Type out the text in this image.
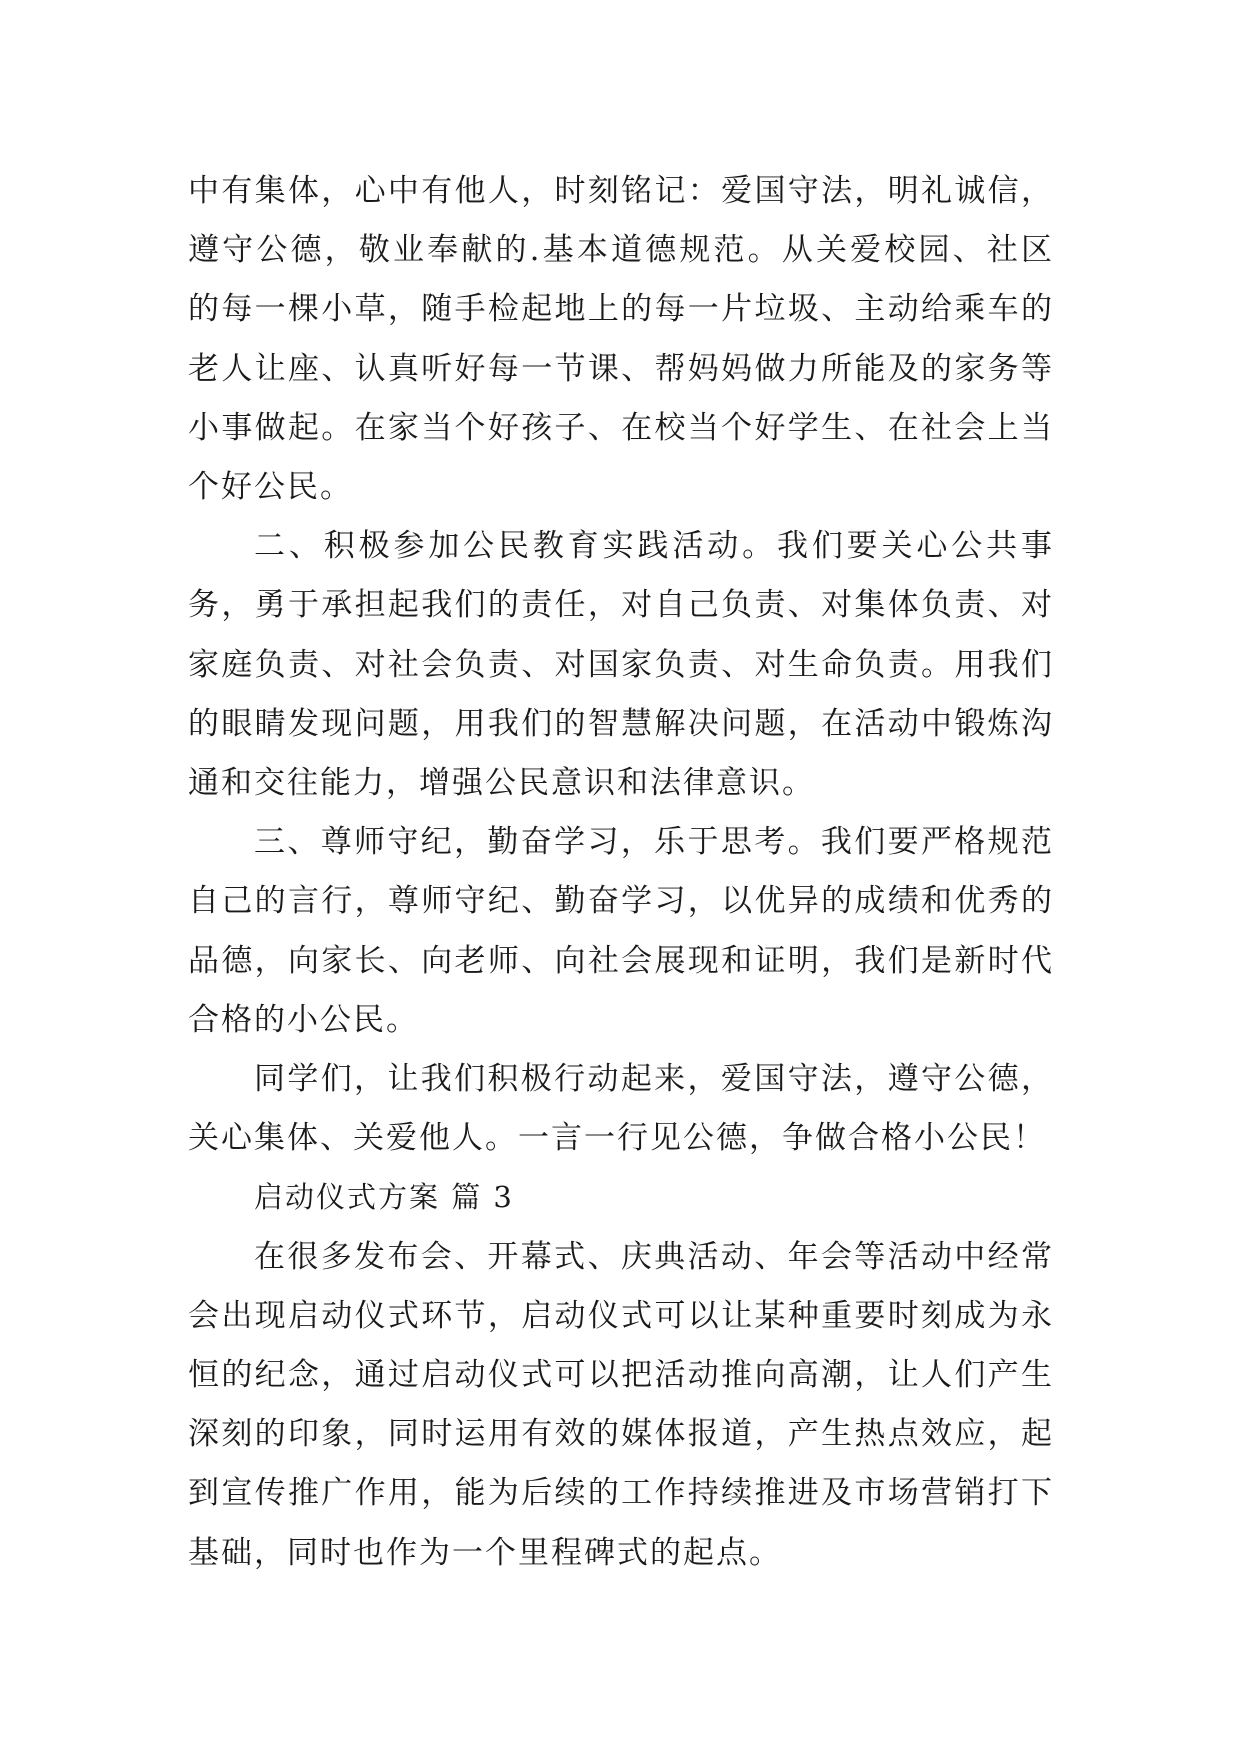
中有集体，心中有他人，时刻铭记：爱国守法，明礼诚信，遵守公德，敬业奉献的.基本道德规范。从关爱校园、社区的每一棵小草，随手检起地上的每一片垃圾、主动给乘车的老人让座、认真听好每一节课、帮妈妈做力所能及的家务等小事做起。在家当个好孩子、在校当个好学生、在社会上当个好公民。

二、积极参加公民教育实践活动。我们要关心公共事务，勇于承担起我们的责任，对自己负责、对集体负责、对家庭负责、对社会负责、对国家负责、对生命负责。用我们的眼睛发现问题，用我们的智慧解决问题，在活动中锻炼沟通和交往能力，增强公民意识和法律意识。

三、尊师守纪，勤奋学习，乐于思考。我们要严格规范自己的言行，尊师守纪、勤奋学习，以优异的成绩和优秀的品德，向家长、向老师、向社会展现和证明，我们是新时代合格的小公民。

同学们，让我们积极行动起来，爱国守法，遵守公德，关心集体、关爱他人。一言一行见公德，争做合格小公民！

启动仪式方案 篇 3

在很多发布会、开幕式、庆典活动、年会等活动中经常会出现启动仪式环节，启动仪式可以让某种重要时刻成为永恒的纪念，通过启动仪式可以把活动推向高潮，让人们产生深刻的印象，同时运用有效的媒体报道，产生热点效应，起到宣传推广作用，能为后续的工作持续推进及市场营销打下基础，同时也作为一个里程碑式的起点。
